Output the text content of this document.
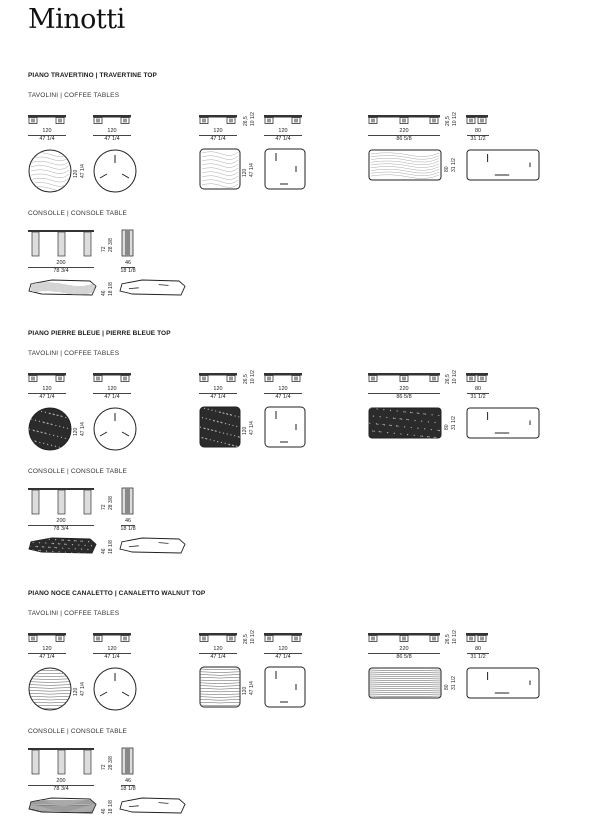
Minotti
PIANO TRAVERTINO | TRAVERTINE TOP
TAVOLINI | COFFEE TABLES
120
47 1/4
120
47 1/4
120 47 1/4
26,5 10 1/2
120
47 1/4
120
47 1/4
120 47 1/4
26,5 10 1/2
220
86 5/8
80
31 1/2
80 31 1/2
CONSOLLE | CONSOLE TABLE
72 28 3/8
200
78 3/4
46
18 1/8
46 18 1/8
PIANO PIERRE BLEUE | PIERRE BLEUE TOP
TAVOLINI | COFFEE TABLES
120
47 1/4
120
47 1/4
120 47 1/4
26,5 10 1/2
120
47 1/4
120
47 1/4
120 47 1/4
26,5 10 1/2
220
86 5/8
80
31 1/2
80 31 1/2
CONSOLLE | CONSOLE TABLE
72 28 3/8
200
78 3/4
46
18 1/8
46 18 1/8
PIANO NOCE CANALETTO | CANALETTO WALNUT TOP
TAVOLINI | COFFEE TABLES
120
47 1/4
120
47 1/4
120 47 1/4
26,5 10 1/2
120
47 1/4
120
47 1/4
120 47 1/4
26,5 10 1/2
220
86 5/8
80
31 1/2
80 31 1/2
CONSOLLE | CONSOLE TABLE
72 28 3/8
200
78 3/4
46
18 1/8
46 18 1/8
